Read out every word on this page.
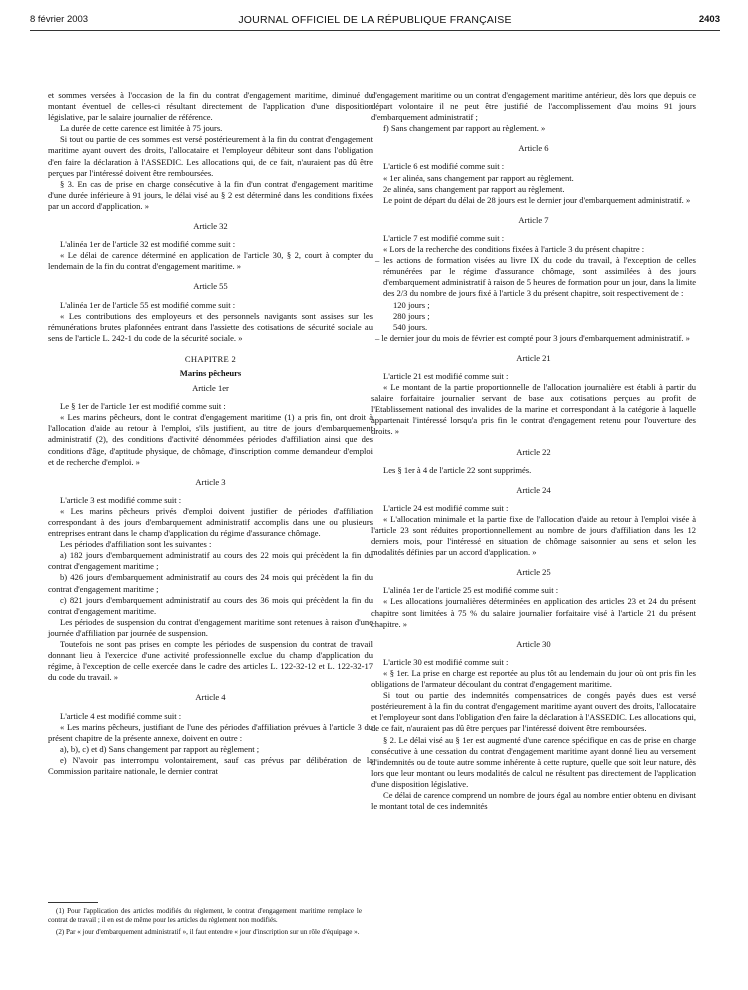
8 février 2003	JOURNAL OFFICIEL DE LA RÉPUBLIQUE FRANÇAISE	2403

et sommes versées à l'occasion de la fin du contrat d'engagement maritime, diminué du montant éventuel de celles-ci résultant directement de l'application d'une disposition législative, par le salaire journalier de référence.

La durée de cette carence est limitée à 75 jours.

Si tout ou partie de ces sommes est versé postérieurement à la fin du contrat d'engagement maritime ayant ouvert des droits, l'allocataire et l'employeur débiteur sont dans l'obligation d'en faire la déclaration à l'ASSEDIC. Les allocations qui, de ce fait, n'auraient pas dû être perçues par l'intéressé doivent être remboursées.

§ 3. En cas de prise en charge consécutive à la fin d'un contrat d'engagement maritime d'une durée inférieure à 91 jours, le délai visé au § 2 est déterminé dans les conditions fixées par un accord d'application. »

Article 32

L'alinéa 1er de l'article 32 est modifié comme suit :

« Le délai de carence déterminé en application de l'article 30, § 2, court à compter du lendemain de la fin du contrat d'engagement maritime. »

Article 55

L'alinéa 1er de l'article 55 est modifié comme suit :

« Les contributions des employeurs et des personnels navigants sont assises sur les rémunérations brutes plafonnées entrant dans l'assiette des cotisations de sécurité sociale au sens de l'article L. 242-1 du code de la sécurité sociale. »

CHAPITRE 2
Marins pêcheurs
Article 1er

Le § 1er de l'article 1er est modifié comme suit :

« Les marins pêcheurs, dont le contrat d'engagement maritime (1) a pris fin, ont droit à l'allocation d'aide au retour à l'emploi, s'ils justifient, au titre de jours d'embarquement administratif (2), des conditions d'activité dénommées périodes d'affiliation ainsi que des conditions d'âge, d'aptitude physique, de chômage, d'inscription comme demandeur d'emploi et de recherche d'emploi. »

Article 3

L'article 3 est modifié comme suit :

« Les marins pêcheurs privés d'emploi doivent justifier de périodes d'affiliation correspondant à des jours d'embarquement administratif accomplis dans une ou plusieurs entreprises entrant dans le champ d'application du régime d'assurance chômage.

Les périodes d'affiliation sont les suivantes :

a) 182 jours d'embarquement administratif au cours des 22 mois qui précèdent la fin du contrat d'engagement maritime ;

b) 426 jours d'embarquement administratif au cours des 24 mois qui précèdent la fin du contrat d'engagement maritime ;

c) 821 jours d'embarquement administratif au cours des 36 mois qui précèdent la fin du contrat d'engagement maritime.

Les périodes de suspension du contrat d'engagement maritime sont retenues à raison d'une journée d'affiliation par journée de suspension.

Toutefois ne sont pas prises en compte les périodes de suspension du contrat de travail donnant lieu à l'exercice d'une activité professionnelle exclue du champ d'application du régime, à l'exception de celle exercée dans le cadre des articles L. 122-32-12 et L. 122-32-17 du code du travail. »

Article 4

L'article 4 est modifié comme suit :

« Les marins pêcheurs, justifiant de l'une des périodes d'affiliation prévues à l'article 3 du présent chapitre de la présente annexe, doivent en outre :

a), b), c) et d) Sans changement par rapport au règlement ;

e) N'avoir pas interrompu volontairement, sauf cas prévus par délibération de la Commission paritaire nationale, le dernier contrat

d'engagement maritime ou un contrat d'engagement maritime antérieur, dès lors que depuis ce départ volontaire il ne peut être justifié de l'accomplissement d'au moins 91 jours d'embarquement administratif ;

f) Sans changement par rapport au règlement. »

Article 6

L'article 6 est modifié comme suit :

« 1er alinéa, sans changement par rapport au règlement.

2e alinéa, sans changement par rapport au règlement.

Le point de départ du délai de 28 jours est le dernier jour d'embarquement administratif. »

Article 7

L'article 7 est modifié comme suit :

« Lors de la recherche des conditions fixées à l'article 3 du présent chapitre :

– les actions de formation visées au livre IX du code du travail, à l'exception de celles rémunérées par le régime d'assurance chômage, sont assimilées à des jours d'embarquement administratif à raison de 5 heures de formation pour un jour, dans la limite des 2/3 du nombre de jours fixé à l'article 3 du présent chapitre, soit respectivement de :
120 jours ;
280 jours ;
540 jours.
– le dernier jour du mois de février est compté pour 3 jours d'embarquement administratif. »
Article 21

L'article 21 est modifié comme suit :

« Le montant de la partie proportionnelle de l'allocation journalière est établi à partir du salaire forfaitaire journalier servant de base aux cotisations perçues au profit de l'Etablissement national des invalides de la marine et correspondant à la catégorie à laquelle appartenait l'intéressé lorsqu'a pris fin le contrat d'engagement retenu pour l'ouverture des droits. »

Article 22

Les § 1er à 4 de l'article 22 sont supprimés.

Article 24

L'article 24 est modifié comme suit :

« L'allocation minimale et la partie fixe de l'allocation d'aide au retour à l'emploi visée à l'article 23 sont réduites proportionnellement au nombre de jours d'affiliation dans les 12 derniers mois, pour l'intéressé en situation de chômage saisonnier au sens et selon les modalités définies par un accord d'application. »

Article 25

L'alinéa 1er de l'article 25 est modifié comme suit :

« Les allocations journalières déterminées en application des articles 23 et 24 du présent chapitre sont limitées à 75 % du salaire journalier forfaitaire visé à l'article 21 du présent chapitre. »

Article 30

L'article 30 est modifié comme suit :

« § 1er. La prise en charge est reportée au plus tôt au lendemain du jour où ont pris fin les obligations de l'armateur découlant du contrat d'engagement maritime.

Si tout ou partie des indemnités compensatrices de congés payés dues est versé postérieurement à la fin du contrat d'engagement maritime ayant ouvert des droits, l'allocataire et l'employeur sont dans l'obligation d'en faire la déclaration à l'ASSEDIC. Les allocations qui, de ce fait, n'auraient pas dû être perçues par l'intéressé doivent être remboursées.

§ 2. Le délai visé au § 1er est augmenté d'une carence spécifique en cas de prise en charge consécutive à une cessation du contrat d'engagement maritime ayant donné lieu au versement d'indemnités ou de toute autre somme inhérente à cette rupture, quelle que soit leur nature, dès lors que leur montant ou leurs modalités de calcul ne résultent pas directement de l'application d'une disposition législative.

Ce délai de carence comprend un nombre de jours égal au nombre entier obtenu en divisant le montant total de ces indemnités

(1) Pour l'application des articles modifiés du règlement, le contrat d'engagement maritime remplace le contrat de travail ; il en est de même pour les articles du règlement non modifiés.

(2) Par « jour d'embarquement administratif », il faut entendre « jour d'inscription sur un rôle d'équipage ».
